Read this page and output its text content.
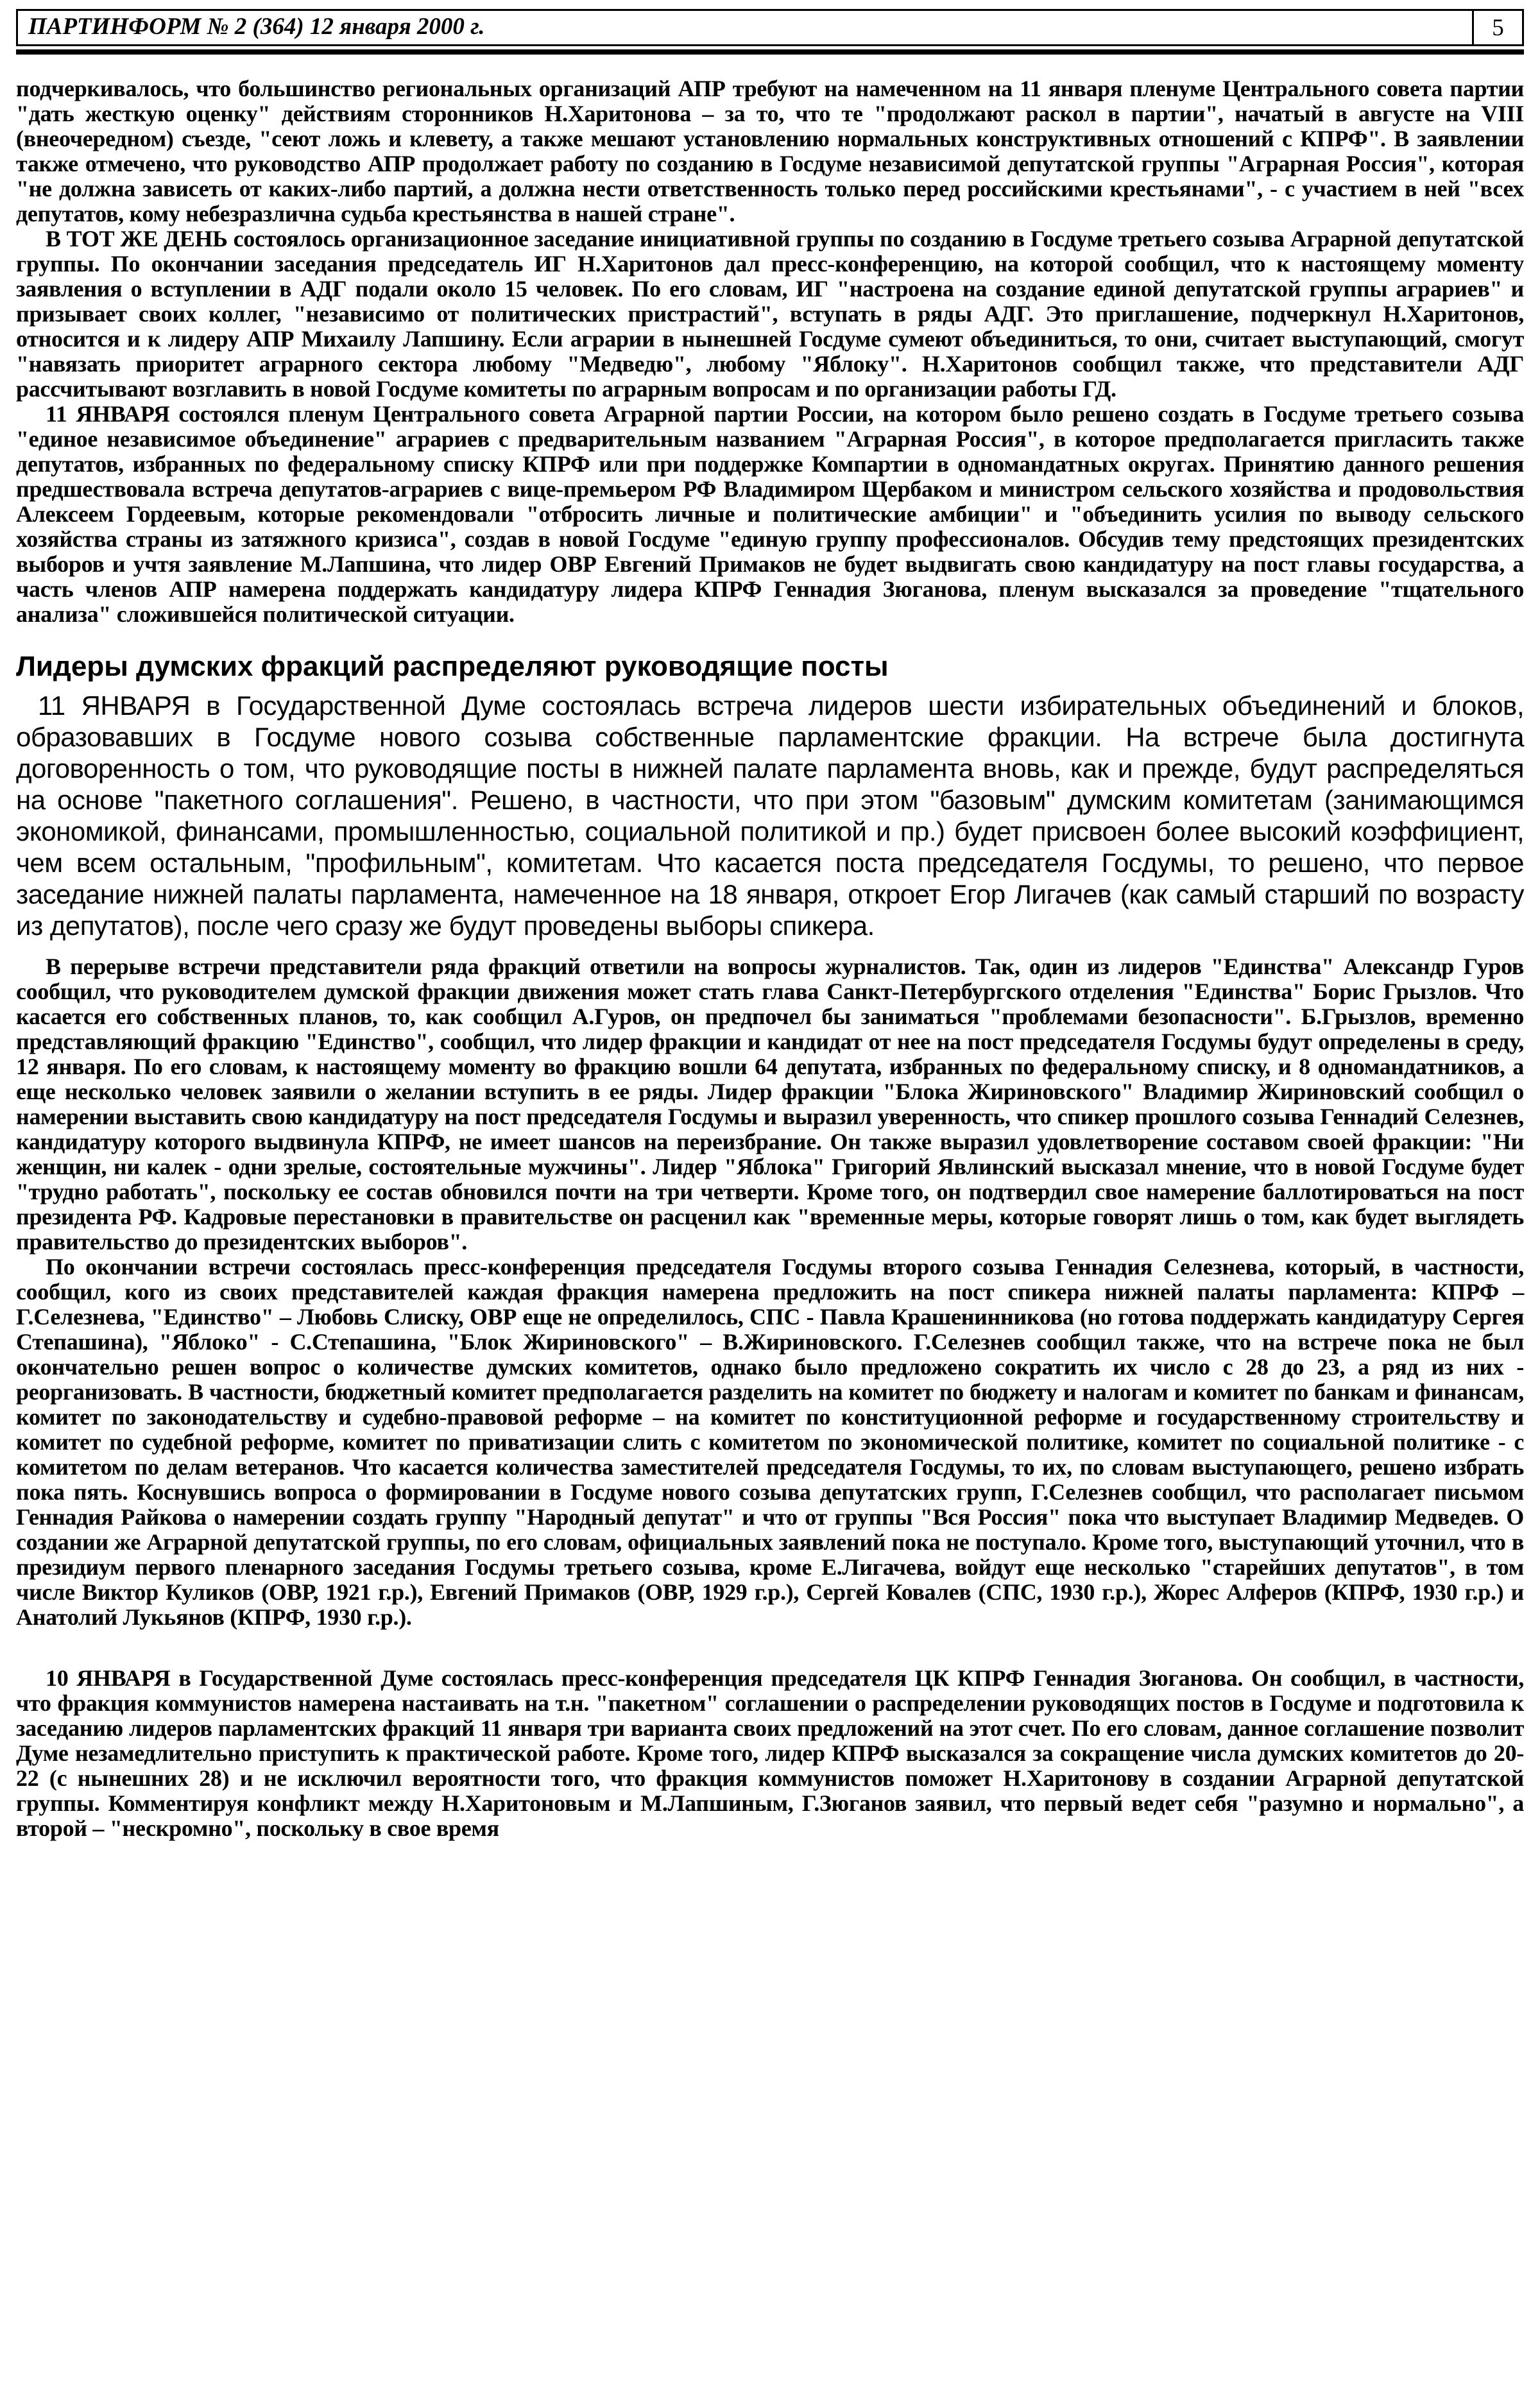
ПАРТИНФОРМ № 2 (364) 12 января 2000 г.	5

подчеркивалось, что большинство региональных организаций АПР требуют на намеченном на 11 января пленуме Центрального совета партии "дать жесткую оценку" действиям сторонников Н.Харитонова – за то, что те "продолжают раскол в партии", начатый в августе на VIII (внеочередном) съезде, "сеют ложь и клевету, а также мешают установлению нормальных конструктивных отношений с КПРФ". В заявлении также отмечено, что руководство АПР продолжает работу по созданию в Госдуме независимой депутатской группы "Аграрная Россия", которая "не должна зависеть от каких-либо партий, а должна нести ответственность только перед российскими крестьянами", - с участием в ней "всех депутатов, кому небезразлична судьба крестьянства в нашей стране".

В ТОТ ЖЕ ДЕНЬ состоялось организационное заседание инициативной группы по созданию в Госдуме третьего созыва Аграрной депутатской группы. По окончании заседания председатель ИГ Н.Харитонов дал пресс-конференцию, на которой сообщил, что к настоящему моменту заявления о вступлении в АДГ подали около 15 человек. По его словам, ИГ "настроена на создание единой депутатской группы аграриев" и призывает своих коллег, "независимо от политических пристрастий", вступать в ряды АДГ. Это приглашение, подчеркнул Н.Харитонов, относится и к лидеру АПР Михаилу Лапшину. Если аграрии в нынешней Госдуме сумеют объединиться, то они, считает выступающий, смогут "навязать приоритет аграрного сектора любому "Медведю", любому "Яблоку". Н.Харитонов сообщил также, что представители АДГ рассчитывают возглавить в новой Госдуме комитеты по аграрным вопросам и по организации работы ГД.

11 ЯНВАРЯ состоялся пленум Центрального совета Аграрной партии России, на котором было решено создать в Госдуме третьего созыва "единое независимое объединение" аграриев с предварительным названием "Аграрная Россия", в которое предполагается пригласить также депутатов, избранных по федеральному списку КПРФ или при поддержке Компартии в одномандатных округах. Принятию данного решения предшествовала встреча депутатов-аграриев с вице-премьером РФ Владимиром Щербаком и министром сельского хозяйства и продовольствия Алексеем Гордеевым, которые рекомендовали "отбросить личные и политические амбиции" и "объединить усилия по выводу сельского хозяйства страны из затяжного кризиса", создав в новой Госдуме "единую группу профессионалов. Обсудив тему предстоящих президентских выборов и учтя заявление М.Лапшина, что лидер ОВР Евгений Примаков не будет выдвигать свою кандидатуру на пост главы государства, а часть членов АПР намерена поддержать кандидатуру лидера КПРФ Геннадия Зюганова, пленум высказался за проведение "тщательного анализа" сложившейся политической ситуации.

Лидеры думских фракций распределяют руководящие посты

11 ЯНВАРЯ в Государственной Думе состоялась встреча лидеров шести избирательных объединений и блоков, образовавших в Госдуме нового созыва собственные парламентские фракции. На встрече была достигнута договоренность о том, что руководящие посты в нижней палате парламента вновь, как и прежде, будут распределяться на основе "пакетного соглашения". Решено, в частности, что при этом "базовым" думским комитетам (занимающимся экономикой, финансами, промышленностью, социальной политикой и пр.) будет присвоен более высокий коэффициент, чем всем остальным, "профильным", комитетам. Что касается поста председателя Госдумы, то решено, что первое заседание нижней палаты парламента, намеченное на 18 января, откроет Егор Лигачев (как самый старший по возрасту из депутатов), после чего сразу же будут проведены выборы спикера.

В перерыве встречи представители ряда фракций ответили на вопросы журналистов. Так, один из лидеров "Единства" Александр Гуров сообщил, что руководителем думской фракции движения может стать глава Санкт-Петербургского отделения "Единства" Борис Грызлов. Что касается его собственных планов, то, как сообщил А.Гуров, он предпочел бы заниматься "проблемами безопасности". Б.Грызлов, временно представляющий фракцию "Единство", сообщил, что лидер фракции и кандидат от нее на пост председателя Госдумы будут определены в среду, 12 января. По его словам, к настоящему моменту во фракцию вошли 64 депутата, избранных по федеральному списку, и 8 одномандатников, а еще несколько человек заявили о желании вступить в ее ряды. Лидер фракции "Блока Жириновского" Владимир Жириновский сообщил о намерении выставить свою кандидатуру на пост председателя Госдумы и выразил уверенность, что спикер прошлого созыва Геннадий Селезнев, кандидатуру которого выдвинула КПРФ, не имеет шансов на переизбрание. Он также выразил удовлетворение составом своей фракции: "Ни женщин, ни калек - одни зрелые, состоятельные мужчины". Лидер "Яблока" Григорий Явлинский высказал мнение, что в новой Госдуме будет "трудно работать", поскольку ее состав обновился почти на три четверти. Кроме того, он подтвердил свое намерение баллотироваться на пост президента РФ. Кадровые перестановки в правительстве он расценил как "временные меры, которые говорят лишь о том, как будет выглядеть правительство до президентских выборов".

По окончании встречи состоялась пресс-конференция председателя Госдумы второго созыва Геннадия Селезнева, который, в частности, сообщил, кого из своих представителей каждая фракция намерена предложить на пост спикера нижней палаты парламента: КПРФ – Г.Селезнева, "Единство" – Любовь Слиску, ОВР еще не определилось, СПС - Павла Крашенинникова (но готова поддержать кандидатуру Сергея Степашина), "Яблоко" - С.Степашина, "Блок Жириновского" – В.Жириновского. Г.Селезнев сообщил также, что на встрече пока не был окончательно решен вопрос о количестве думских комитетов, однако было предложено сократить их число с 28 до 23, а ряд из них - реорганизовать. В частности, бюджетный комитет предполагается разделить на комитет по бюджету и налогам и комитет по банкам и финансам, комитет по законодательству и судебно-правовой реформе – на комитет по конституционной реформе и государственному строительству и комитет по судебной реформе, комитет по приватизации слить с комитетом по экономической политике, комитет по социальной политике - с комитетом по делам ветеранов. Что касается количества заместителей председателя Госдумы, то их, по словам выступающего, решено избрать пока пять. Коснувшись вопроса о формировании в Госдуме нового созыва депутатских групп, Г.Селезнев сообщил, что располагает письмом Геннадия Райкова о намерении создать группу "Народный депутат" и что от группы "Вся Россия" пока что выступает Владимир Медведев. О создании же Аграрной депутатской группы, по его словам, официальных заявлений пока не поступало. Кроме того, выступающий уточнил, что в президиум первого пленарного заседания Госдумы третьего созыва, кроме Е.Лигачева, войдут еще несколько "старейших депутатов", в том числе Виктор Куликов (ОВР, 1921 г.р.), Евгений Примаков (ОВР, 1929 г.р.), Сергей Ковалев (СПС, 1930 г.р.), Жорес Алферов (КПРФ, 1930 г.р.) и Анатолий Лукьянов (КПРФ, 1930 г.р.).

10 ЯНВАРЯ в Государственной Думе состоялась пресс-конференция председателя ЦК КПРФ Геннадия Зюганова. Он сообщил, в частности, что фракция коммунистов намерена настаивать на т.н. "пакетном" соглашении о распределении руководящих постов в Госдуме и подготовила к заседанию лидеров парламентских фракций 11 января три варианта своих предложений на этот счет. По его словам, данное соглашение позволит Думе незамедлительно приступить к практической работе. Кроме того, лидер КПРФ высказался за сокращение числа думских комитетов до 20-22 (с нынешних 28) и не исключил вероятности того, что фракция коммунистов поможет Н.Харитонову в создании Аграрной депутатской группы. Комментируя конфликт между Н.Харитоновым и М.Лапшиным, Г.Зюганов заявил, что первый ведет себя "разумно и нормально", а второй – "нескромно", поскольку в свое время
